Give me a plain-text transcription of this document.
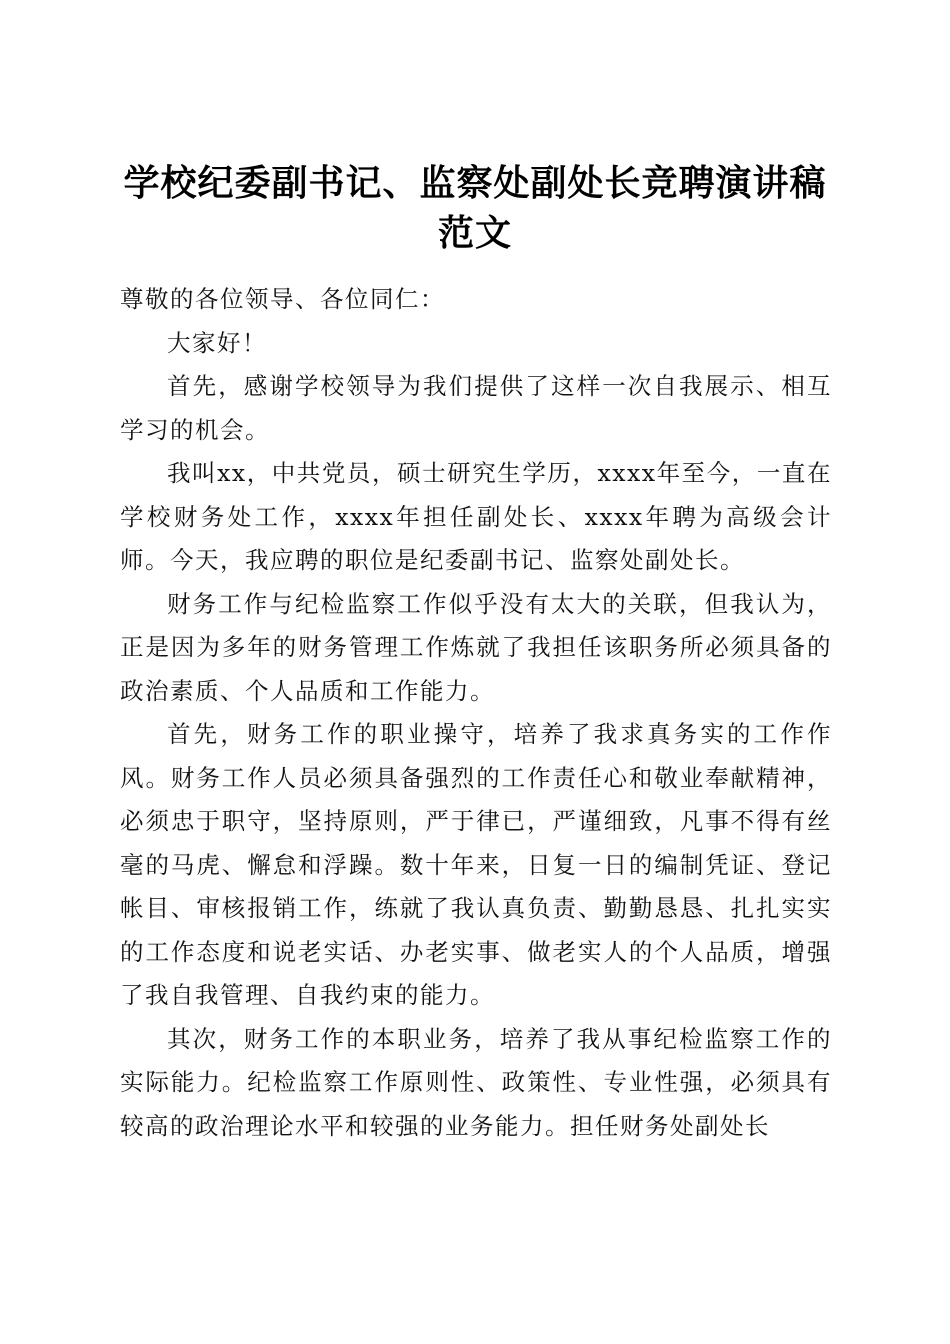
学校纪委副书记、监察处副处长竞聘演讲稿范文

尊敬的各位领导、各位同仁：

大家好！

首先，感谢学校领导为我们提供了这样一次自我展示、相互学习的机会。

我叫xx，中共党员，硕士研究生学历，xxxx年至今，一直在学校财务处工作，xxxx年担任副处长、xxxx年聘为高级会计师。今天，我应聘的职位是纪委副书记、监察处副处长。

财务工作与纪检监察工作似乎没有太大的关联，但我认为，正是因为多年的财务管理工作炼就了我担任该职务所必须具备的政治素质、个人品质和工作能力。

首先，财务工作的职业操守，培养了我求真务实的工作作风。财务工作人员必须具备强烈的工作责任心和敬业奉献精神，必须忠于职守，坚持原则，严于律已，严谨细致，凡事不得有丝毫的马虎、懈怠和浮躁。数十年来，日复一日的编制凭证、登记帐目、审核报销工作，练就了我认真负责、勤勤恳恳、扎扎实实的工作态度和说老实话、办老实事、做老实人的个人品质，增强了我自我管理、自我约束的能力。

其次，财务工作的本职业务，培养了我从事纪检监察工作的实际能力。纪检监察工作原则性、政策性、专业性强，必须具有较高的政治理论水平和较强的业务能力。担任财务处副处长
